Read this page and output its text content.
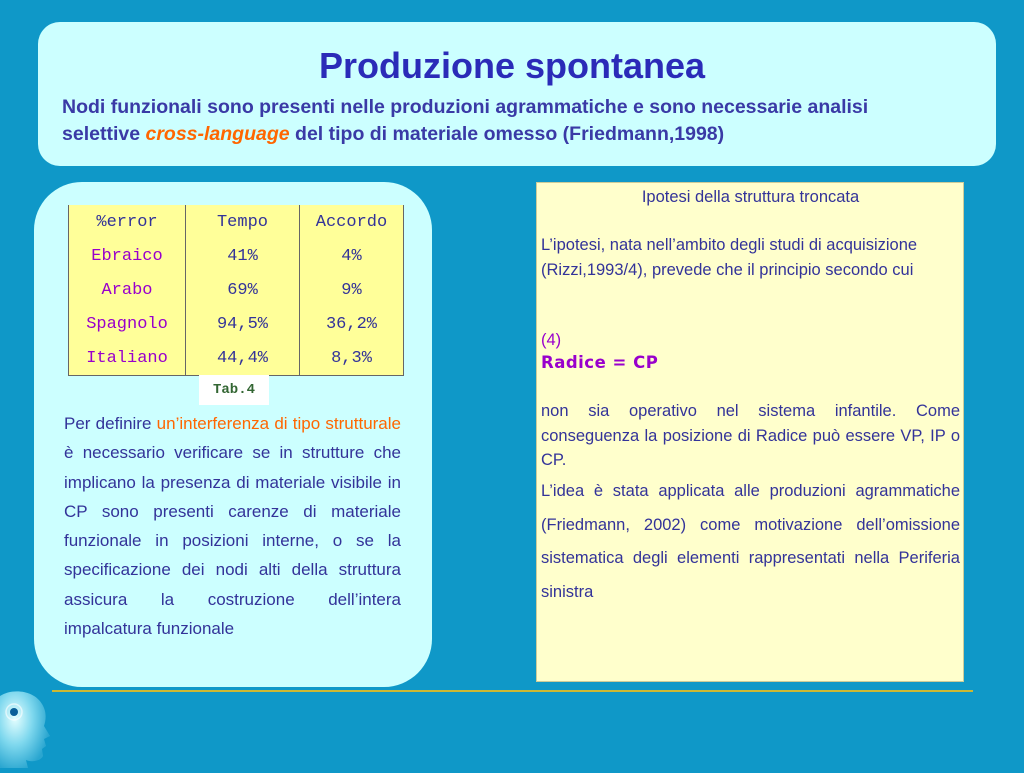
Produzione spontanea

Nodi funzionali sono presenti nelle produzioni agrammatiche e sono necessarie analisi selettive cross-language del tipo di materiale omesso (Friedmann,1998)

%error	Tempo	Accordo
Ebraico	41%	4%
Arabo	69%	9%
Spagnolo	94,5%	36,2%
Italiano	44,4%	8,3%
Tab.4

Per definire un’interferenza di tipo strutturale è necessario verificare se in strutture che implicano la presenza di materiale visibile in CP sono presenti carenze di materiale funzionale in posizioni interne, o se la specificazione dei nodi alti della struttura assicura la costruzione dell’intera impalcatura funzionale

Ipotesi della struttura troncata

L’ipotesi, nata nell’ambito degli studi di acquisizione (Rizzi,1993/4), prevede che il principio secondo cui

(4)

Radice = CP

non sia operativo nel sistema infantile. Come conseguenza la posizione di Radice può essere VP, IP o CP.

L’idea è stata applicata alle produzioni agrammatiche (Friedmann, 2002) come motivazione dell’omissione sistematica degli elementi rappresentati nella Periferia sinistra
